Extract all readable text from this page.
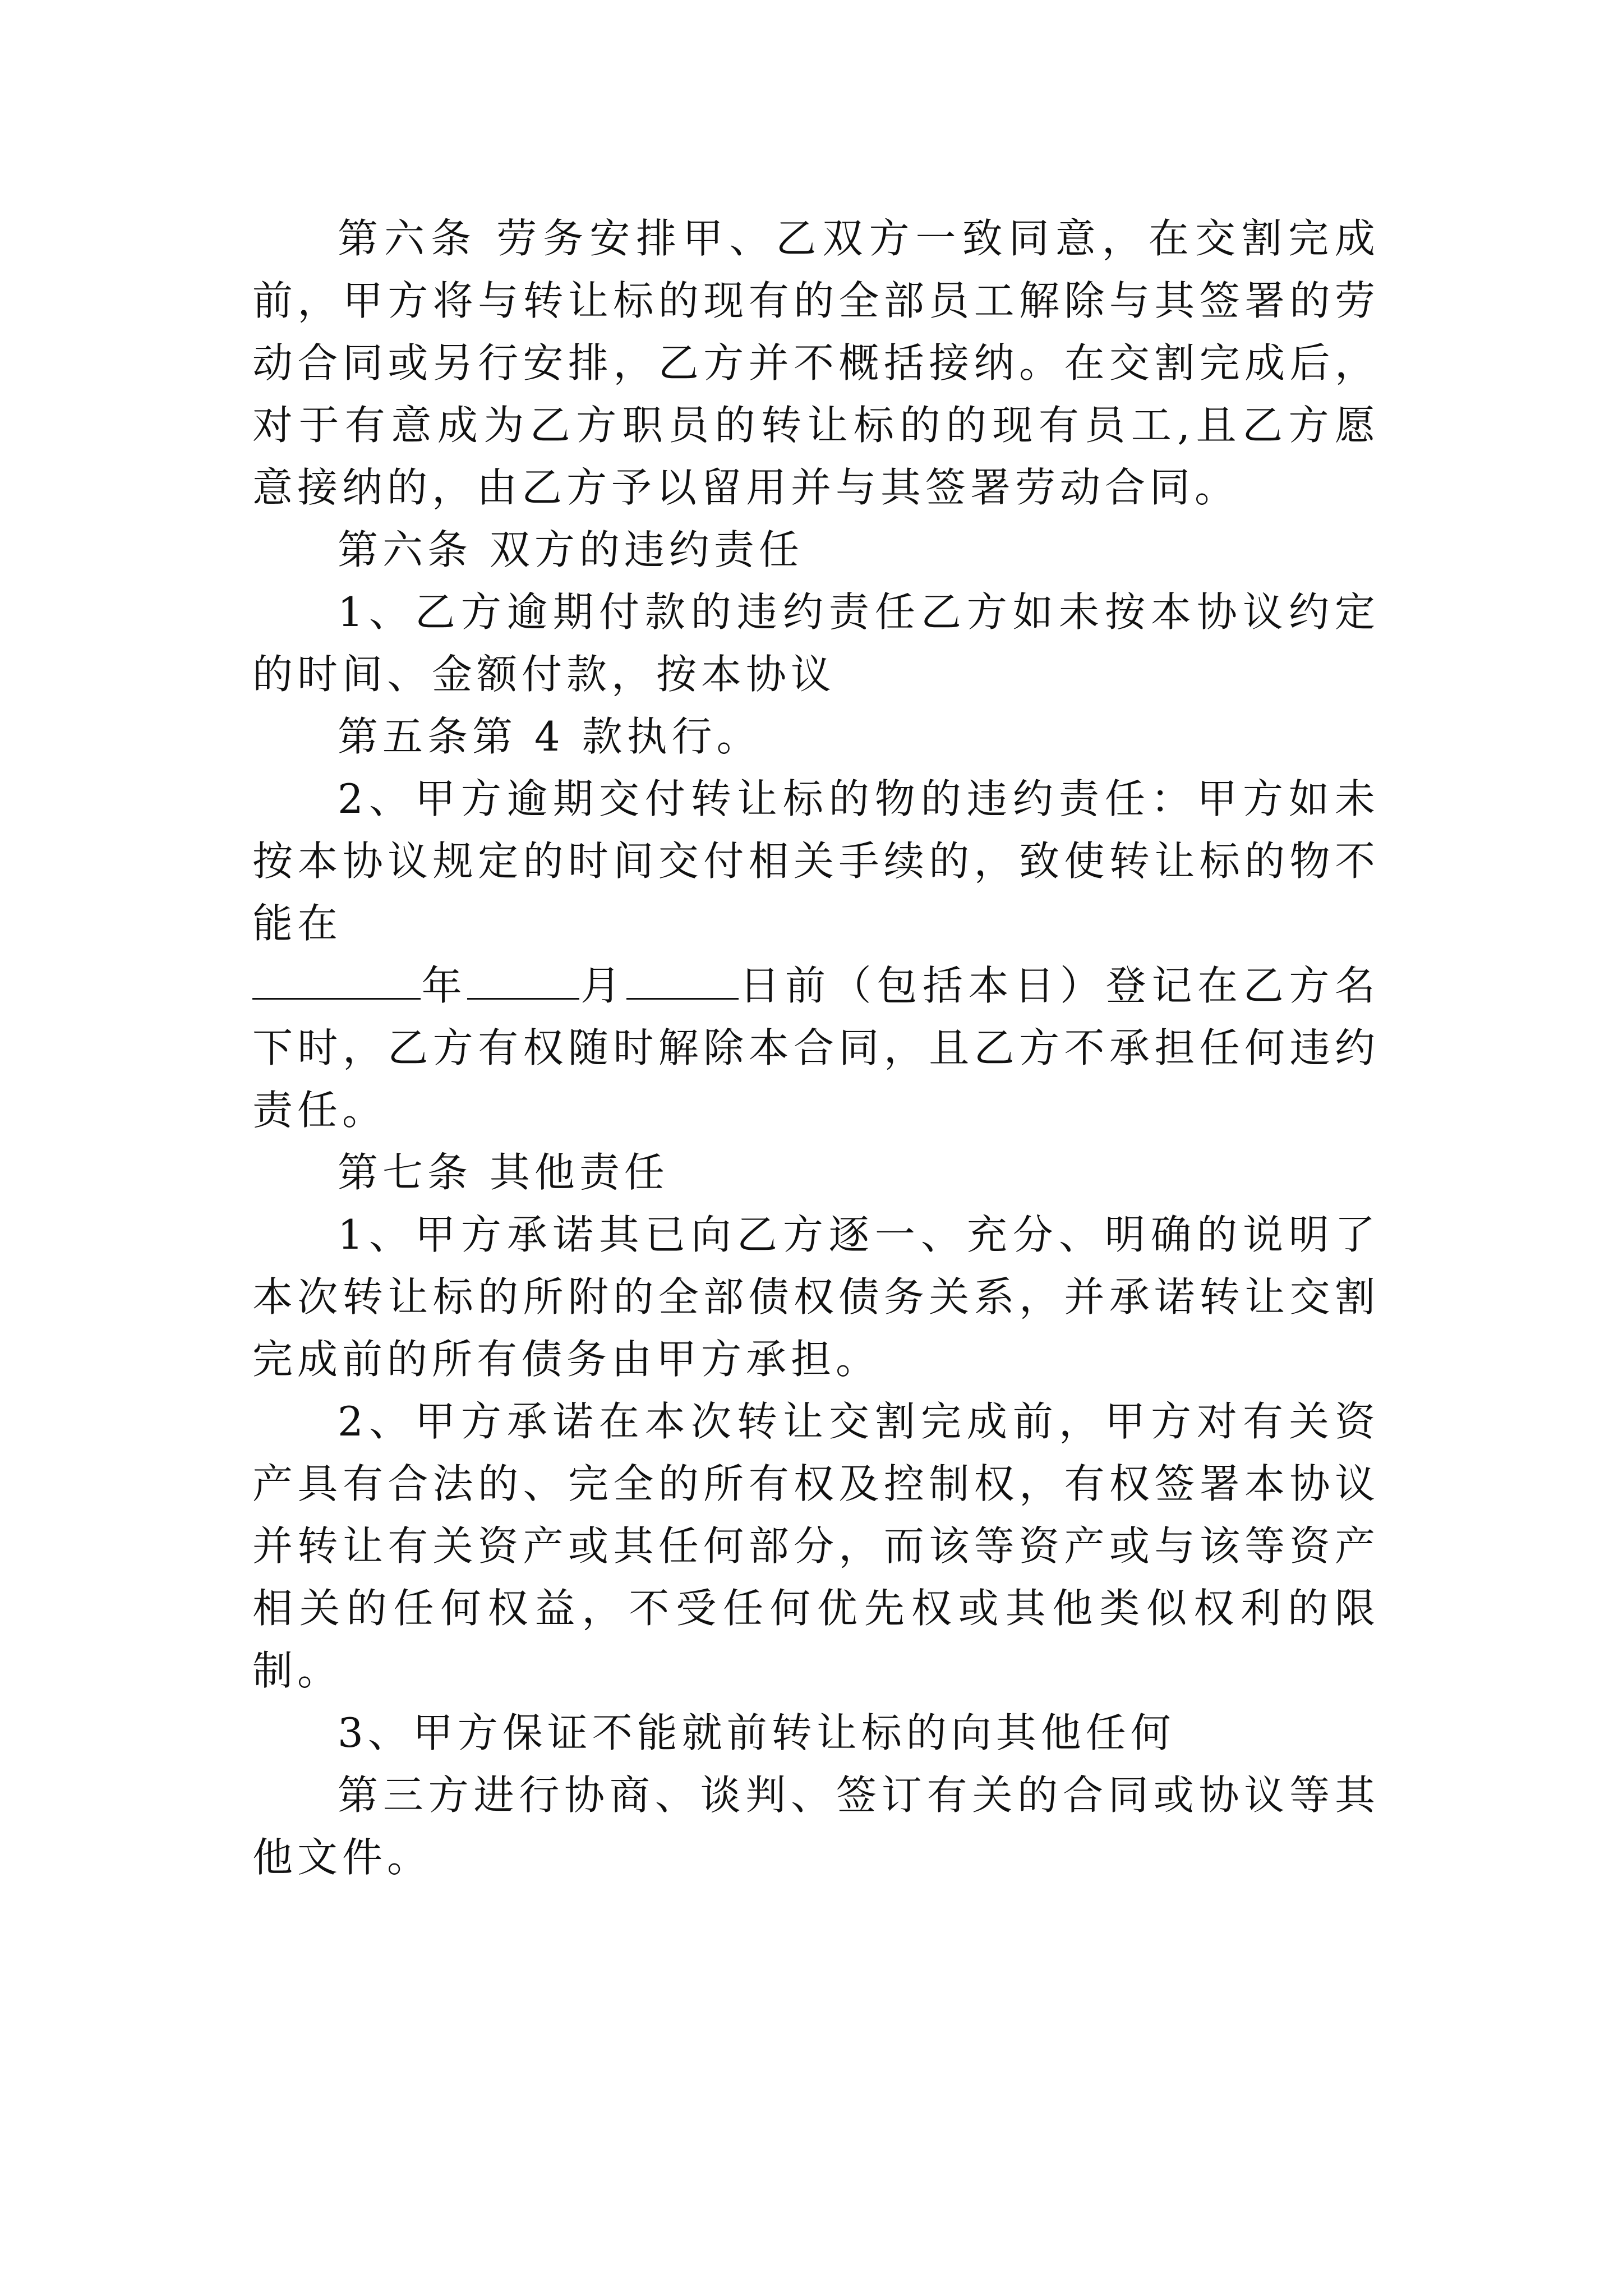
第六条 劳务安排甲、乙双方一致同意，在交割完成前，甲方将与转让标的现有的全部员工解除与其签署的劳动合同或另行安排，乙方并不概括接纳。在交割完成后，对于有意成为乙方职员的转让标的的现有员工,且乙方愿意接纳的，由乙方予以留用并与其签署劳动合同。

第六条 双方的违约责任

1、乙方逾期付款的违约责任乙方如未按本协议约定的时间、金额付款，按本协议

第五条第 4 款执行。

2、甲方逾期交付转让标的物的违约责任：甲方如未按本协议规定的时间交付相关手续的，致使转让标的物不能在

年	月	日前（包括本日）登记在乙方名下时，乙方有权随时解除本合同，且乙方不承担任何违约责任。

第七条 其他责任

1、甲方承诺其已向乙方逐一、充分、明确的说明了本次转让标的所附的全部债权债务关系，并承诺转让交割完成前的所有债务由甲方承担。

2、甲方承诺在本次转让交割完成前，甲方对有关资产具有合法的、完全的所有权及控制权，有权签署本协议并转让有关资产或其任何部分，而该等资产或与该等资产相关的任何权益，不受任何优先权或其他类似权利的限制。

3、甲方保证不能就前转让标的向其他任何

第三方进行协商、谈判、签订有关的合同或协议等其他文件。
